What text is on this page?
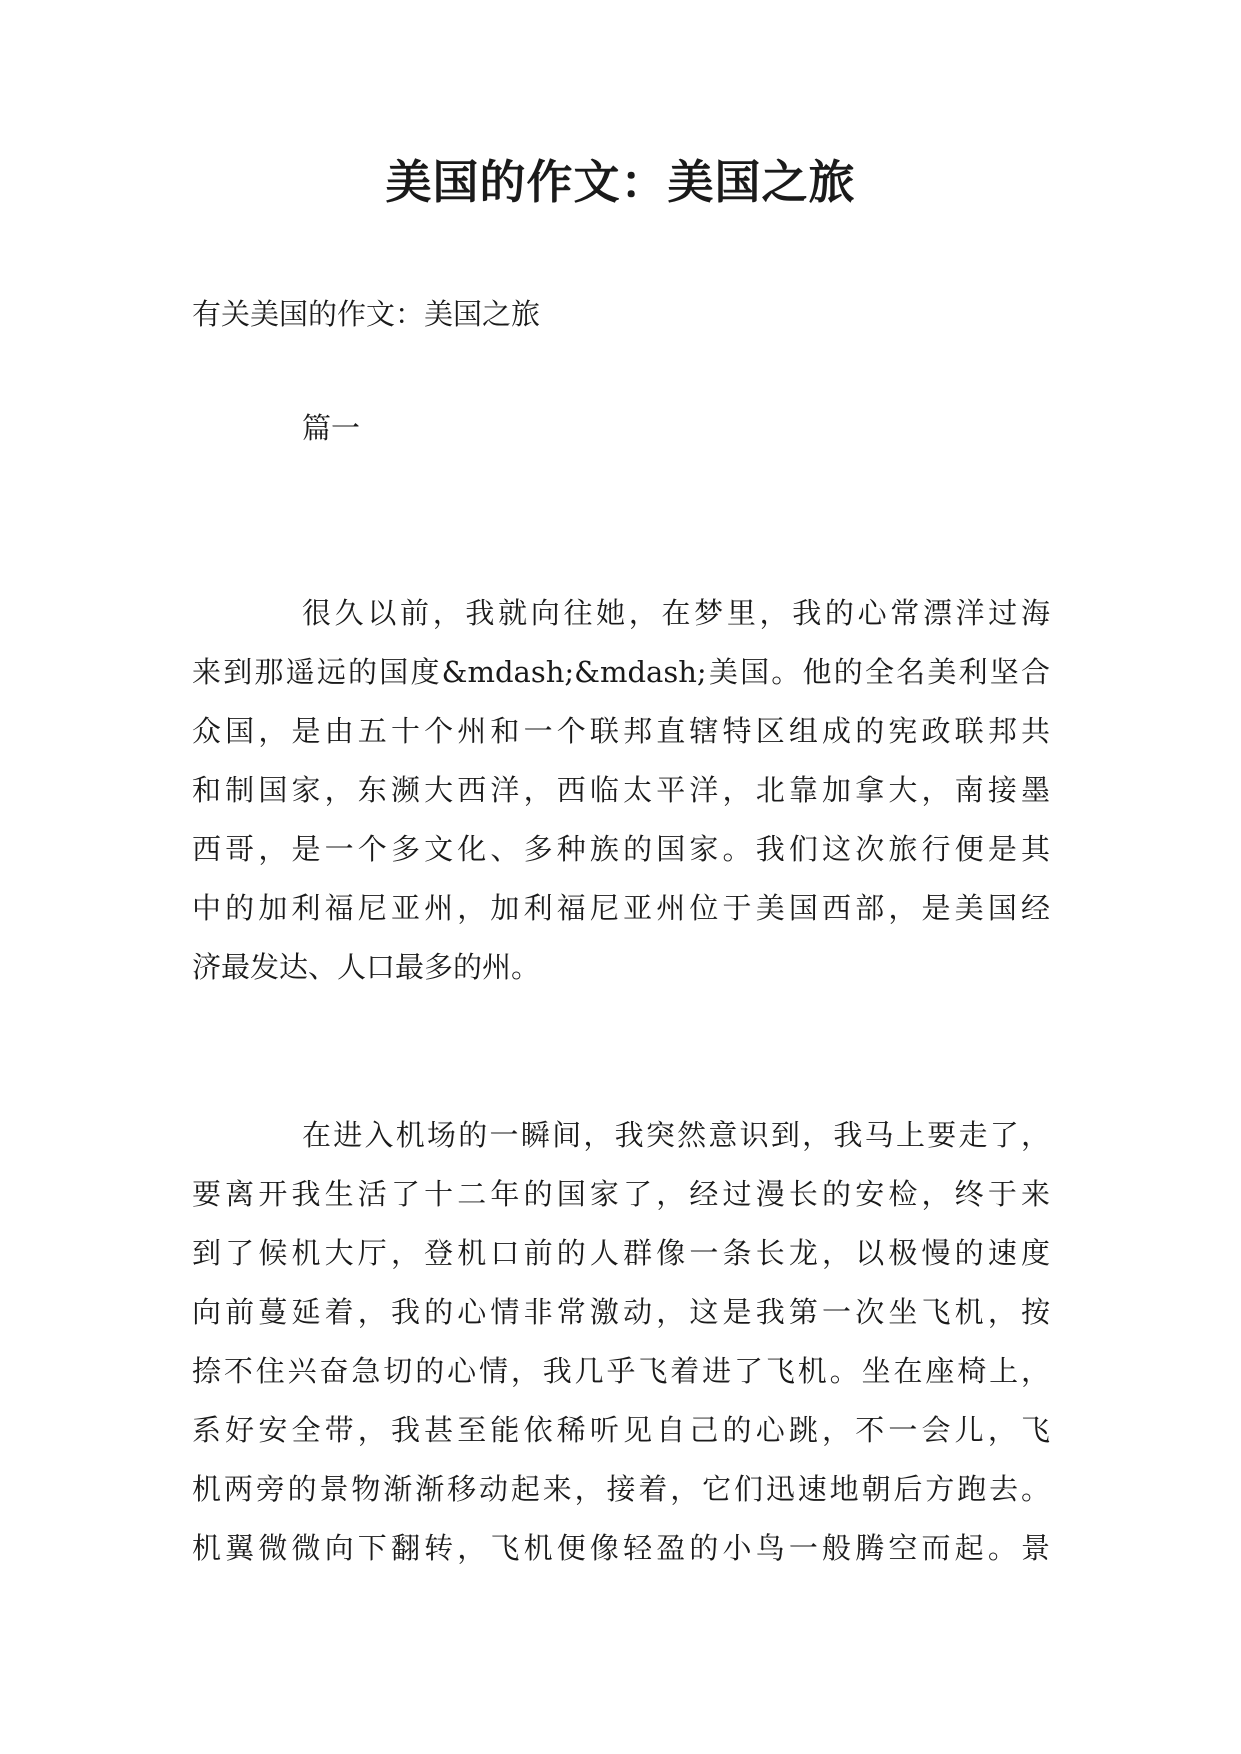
美国的作文：美国之旅
有关美国的作文：美国之旅
篇一
很久以前，我就向往她，在梦里，我的心常漂洋过海
来到那遥远的国度&mdash;&mdash;美国。他的全名美利坚合
众国，是由五十个州和一个联邦直辖特区组成的宪政联邦共
和制国家，东濒大西洋，西临太平洋，北靠加拿大，南接墨
西哥，是一个多文化、多种族的国家。我们这次旅行便是其
中的加利福尼亚州，加利福尼亚州位于美国西部，是美国经
济最发达、人口最多的州。
在进入机场的一瞬间，我突然意识到，我马上要走了，
要离开我生活了十二年的国家了，经过漫长的安检，终于来
到了候机大厅，登机口前的人群像一条长龙，以极慢的速度
向前蔓延着，我的心情非常激动，这是我第一次坐飞机，按
捺不住兴奋急切的心情，我几乎飞着进了飞机。坐在座椅上，
系好安全带，我甚至能依稀听见自己的心跳，不一会儿，飞
机两旁的景物渐渐移动起来，接着，它们迅速地朝后方跑去。
机翼微微向下翻转，飞机便像轻盈的小鸟一般腾空而起。景
